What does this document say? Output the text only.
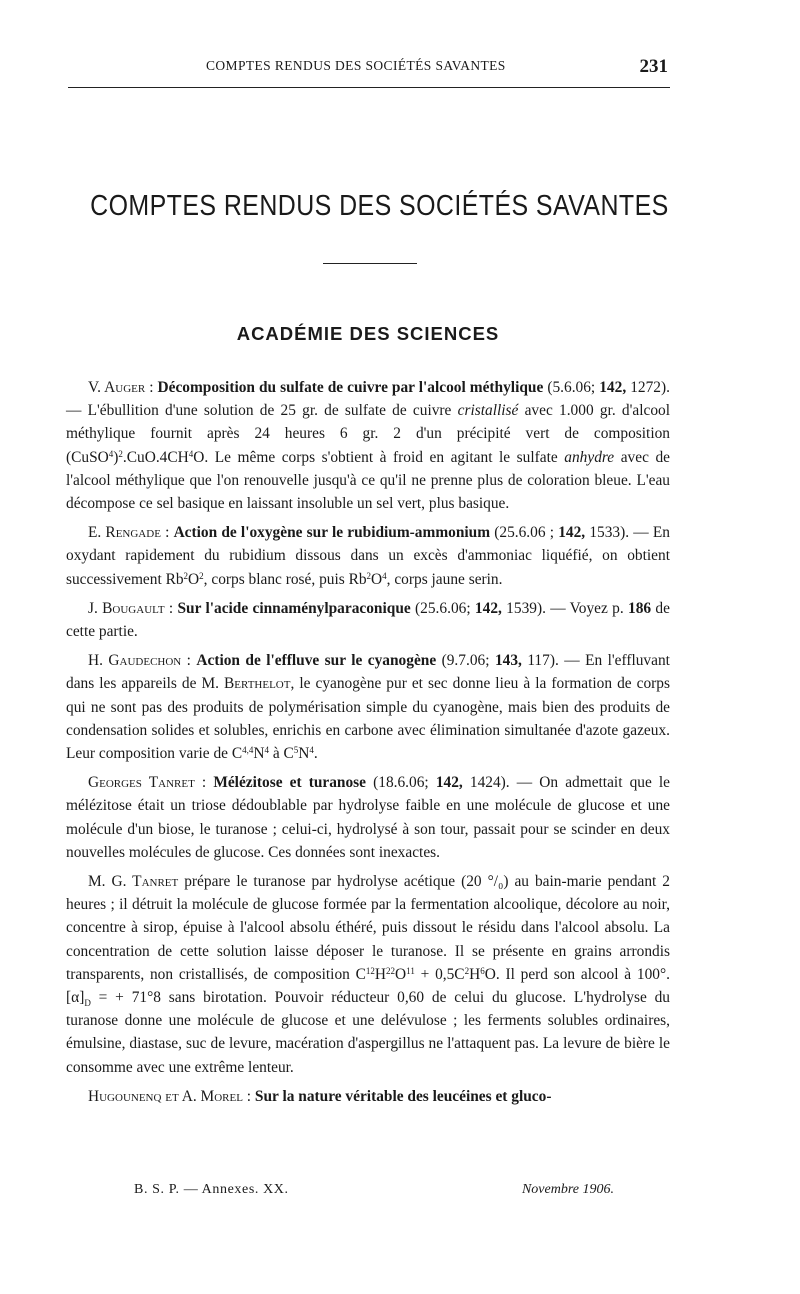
COMPTES RENDUS DES SOCIÉTÉS SAVANTES	231
COMPTES RENDUS DES SOCIÉTÉS SAVANTES
ACADÉMIE DES SCIENCES

V. Auger : Décomposition du sulfate de cuivre par l'alcool méthylique (5.6.06; 142, 1272). — L'ébullition d'une solution de 25 gr. de sulfate de cuivre cristallisé avec 1.000 gr. d'alcool méthylique fournit après 24 heures 6 gr. 2 d'un précipité vert de composition $(CuSO^4)^2.CuO.4CH^4O$. Le même corps s'obtient à froid en agitant le sulfate anhydre avec de l'alcool méthylique que l'on renouvelle jusqu'à ce qu'il ne prenne plus de coloration bleue. L'eau décompose ce sel basique en laissant insoluble un sel vert, plus basique.

E. Rengade : Action de l'oxygène sur le rubidium-ammonium (25.6.06 ; 142, 1533). — En oxydant rapidement du rubidium dissous dans un excès d'ammoniac liquéfié, on obtient successivement $Rb^2O^2$, corps blanc rosé, puis $Rb^2O^4$, corps jaune serin.

J. Bougault : Sur l'acide cinnaménylparaconique (25.6.06; 142, 1539). — Voyez p. 186 de cette partie.

H. Gaudechon : Action de l'effluve sur le cyanogène (9.7.06; 143, 117). — En l'effluvant dans les appareils de M. Berthelot, le cyanogène pur et sec donne lieu à la formation de corps qui ne sont pas des produits de polymérisation simple du cyanogène, mais bien des produits de condensation solides et solubles, enrichis en carbone avec élimination simultanée d'azote gazeux. Leur composition varie de $C^{4,4}N^4$ à $C^5N^4$.

Georges Tanret : Mélézitose et turanose (18.6.06; 142, 1424). — On admettait que le mélézitose était un triose dédoublable par hydrolyse faible en une molécule de glucose et une molécule d'un biose, le turanose ; celui-ci, hydrolysé à son tour, passait pour se scinder en deux nouvelles molécules de glucose. Ces données sont inexactes.

M. G. Tanret prépare le turanose par hydrolyse acétique (20 °/₀) au bain-marie pendant 2 heures ; il détruit la molécule de glucose formée par la fermentation alcoolique, décolore au noir, concentre à sirop, épuise à l'alcool absolu éthéré, puis dissout le résidu dans l'alcool absolu. La concentration de cette solution laisse déposer le turanose. Il se présente en grains arrondis transparents, non cristallisés, de composition $C^{12}H^{22}O^{11} + 0,5C^2H^6O$. Il perd son alcool à 100°. $[\alpha]_D$ = + 71°8 sans birotation. Pouvoir réducteur 0,60 de celui du glucose. L'hydrolyse du turanose donne une molécule de glucose et une delévulose ; les ferments solubles ordinaires, émulsine, diastase, suc de levure, macération d'aspergillus ne l'attaquent pas. La levure de bière le consomme avec une extrême lenteur.

Hugounenq et A. Morel : Sur la nature véritable des leucéines et gluco-

B. S. P. — Annexes. XX.	Novembre 1906.
